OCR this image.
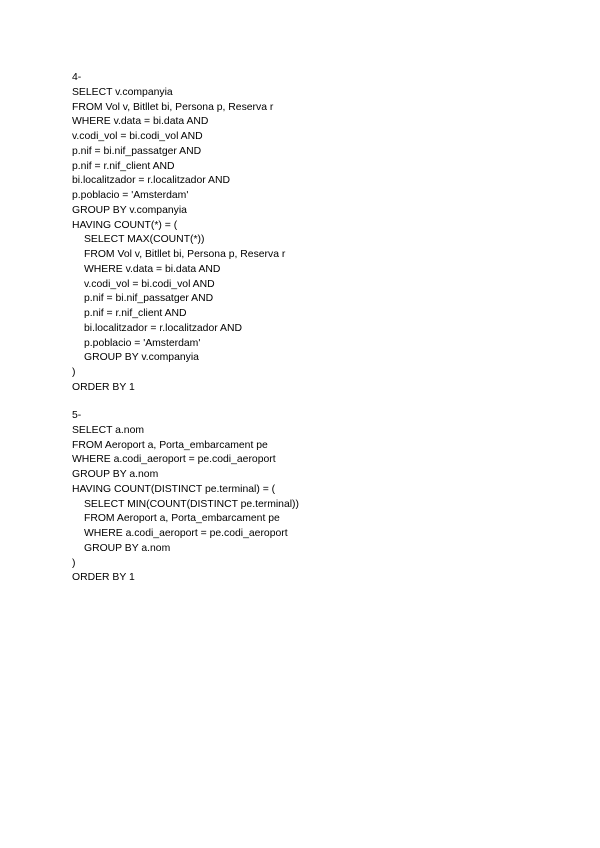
4-
SELECT v.companyia
FROM Vol v, Bitllet bi, Persona p, Reserva r
WHERE v.data = bi.data AND
v.codi_vol = bi.codi_vol AND
p.nif = bi.nif_passatger AND
p.nif = r.nif_client AND
bi.localitzador = r.localitzador AND
p.poblacio = 'Amsterdam'
GROUP BY v.companyia
HAVING COUNT(*) = (
SELECT MAX(COUNT(*))
FROM Vol v, Bitllet bi, Persona p, Reserva r
WHERE v.data = bi.data AND
v.codi_vol = bi.codi_vol AND
p.nif = bi.nif_passatger AND
p.nif = r.nif_client AND
bi.localitzador = r.localitzador AND
p.poblacio = 'Amsterdam'
GROUP BY v.companyia
)
ORDER BY 1
5-
SELECT a.nom
FROM Aeroport a, Porta_embarcament pe
WHERE a.codi_aeroport = pe.codi_aeroport
GROUP BY a.nom
HAVING COUNT(DISTINCT pe.terminal) = (
SELECT MIN(COUNT(DISTINCT pe.terminal))
FROM Aeroport a, Porta_embarcament pe
WHERE a.codi_aeroport = pe.codi_aeroport
GROUP BY a.nom
)
ORDER BY 1
